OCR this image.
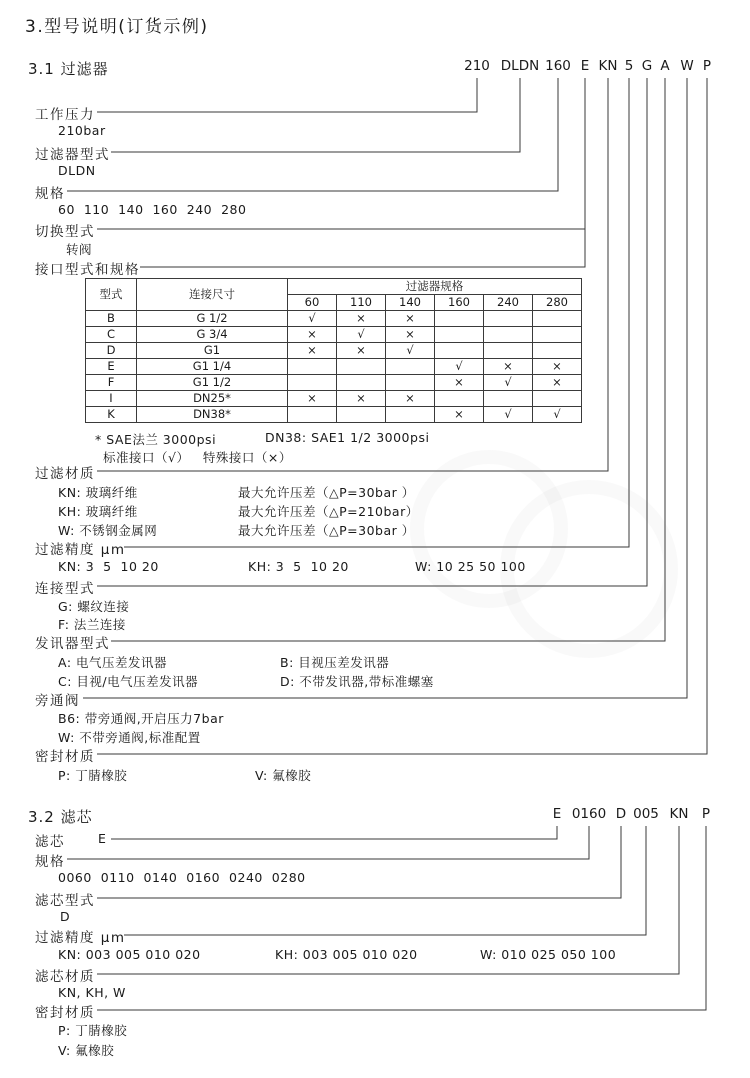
3.型号说明(订货示例)
3.1 过滤器	210 DLDN 160 E KN 5 G A W P
工作压力
210bar
过滤器型式
DLDN
规格
60  110  140  160  240  280
切换型式
转阀
接口型式和规格
型式	连接尺寸	过滤器规格					
		60	110	140	160	240	280
B	G 1/2	√	×	×			
C	G 3/4	×	√	×			
D	G1	×	×	√			
E	G1 1/4				√	×	×
F	G1 1/2				×	√	×
I	DN25*	×	×	×			
K	DN38*				×	√	√
* SAE法兰 3000psi	DN38: SAE1 1/2 3000psi
标准接口（√）   特殊接口（×）
过滤材质
KN: 玻璃纤维	最大允许压差（△P=30bar ）
KH: 玻璃纤维	最大允许压差（△P=210bar）
W: 不锈钢金属网	最大允许压差（△P=30bar ）
过滤精度 μm
KN: 3  5  10 20	KH: 3  5  10 20	W: 10 25 50 100
连接型式
G: 螺纹连接
F: 法兰连接
发讯器型式
A: 电气压差发讯器	B: 目视压差发讯器
C: 目视/电气压差发讯器	D: 不带发讯器,带标准螺塞
旁通阀
B6: 带旁通阀,开启压力7bar
W: 不带旁通阀,标准配置
密封材质
P: 丁腈橡胶	V: 氟橡胶
3.2 滤芯	E 0160 D 005 KN P
滤芯	E
规格
0060  0110  0140  0160  0240  0280
滤芯型式
D
过滤精度 μm
KN: 003 005 010 020	KH: 003 005 010 020	W: 010 025 050 100
滤芯材质
KN, KH, W
密封材质
P: 丁腈橡胶
V: 氟橡胶
